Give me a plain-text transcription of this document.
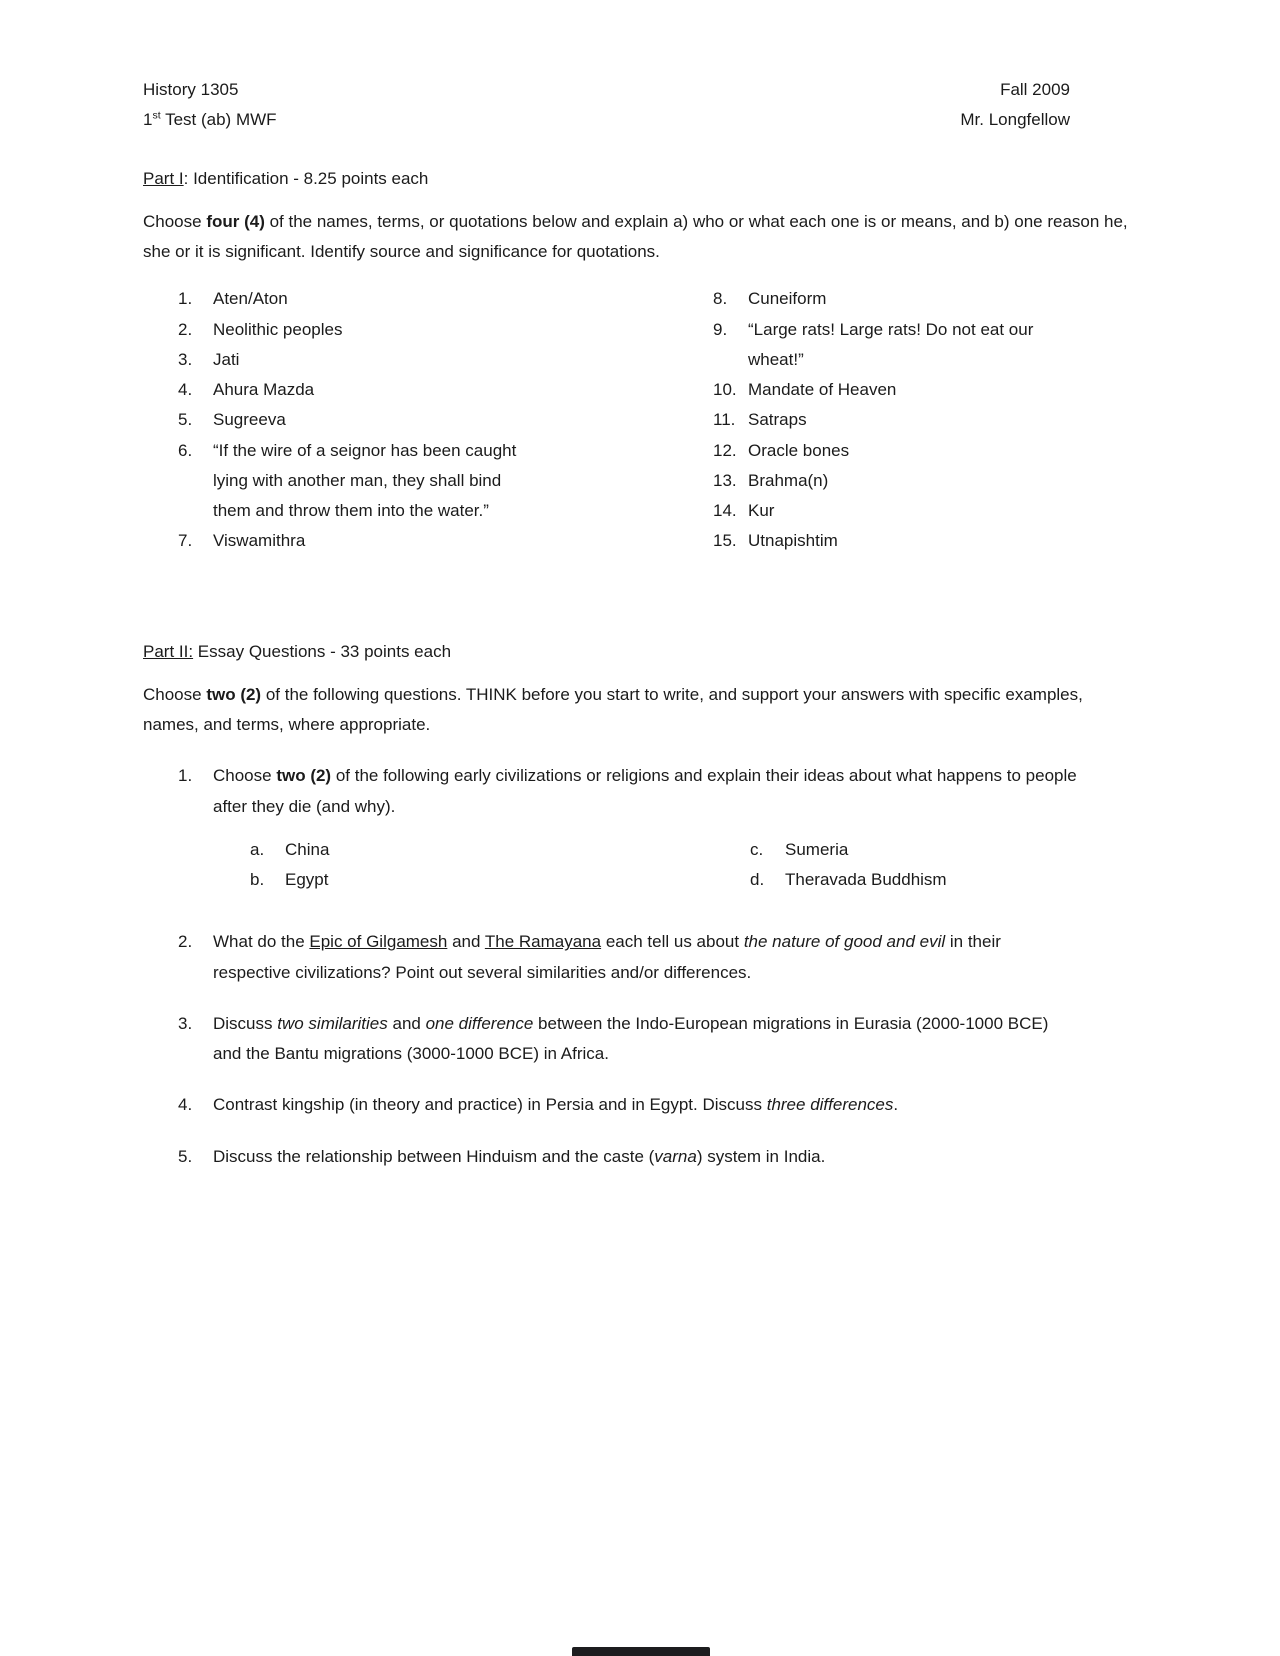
History 1305
1st Test (ab) MWF
Fall 2009
Mr. Longfellow
Part I: Identification - 8.25 points each
Choose four (4) of the names, terms, or quotations below and explain a) who or what each one is or means, and b) one reason he, she or it is significant. Identify source and significance for quotations.
1.	Aten/Aton
2.	Neolithic peoples
3.	Jati
4.	Ahura Mazda
5.	Sugreeva
6.	“If the wire of a seignor has been caught lying with another man, they shall bind them and throw them into the water.”
7.	Viswamithra
8.	Cuneiform
9.	“Large rats! Large rats! Do not eat our wheat!”
10. Mandate of Heaven
11. Satraps
12. Oracle bones
13. Brahma(n)
14. Kur
15. Utnapishtim
Part II: Essay Questions - 33 points each
Choose two (2) of the following questions. THINK before you start to write, and support your answers with specific examples, names, and terms, where appropriate.
1.	Choose two (2) of the following early civilizations or religions and explain their ideas about what happens to people after they die (and why).
a.	China
b.	Egypt
c.	Sumeria
d.	Theravada Buddhism
2.	What do the Epic of Gilgamesh and The Ramayana each tell us about the nature of good and evil in their respective civilizations? Point out several similarities and/or differences.
3.	Discuss two similarities and one difference between the Indo-European migrations in Eurasia (2000-1000 BCE) and the Bantu migrations (3000-1000 BCE) in Africa.
4.	Contrast kingship (in theory and practice) in Persia and in Egypt. Discuss three differences.
5.	Discuss the relationship between Hinduism and the caste (varna) system in India.
